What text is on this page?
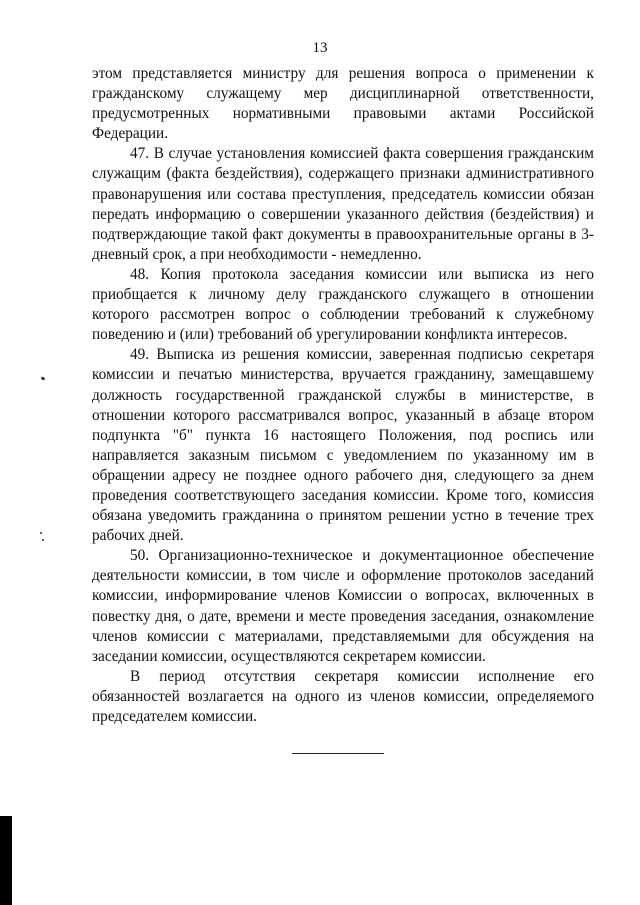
13

этом представляется министру для решения вопроса о применении к гражданскому служащему мер дисциплинарной ответственности, предусмотренных нормативными правовыми актами Российской Федерации.

47. В случае установления комиссией факта совершения гражданским служащим (факта бездействия), содержащего признаки административного правонарушения или состава преступления, председатель комиссии обязан передать информацию о совершении указанного действия (бездействия) и подтверждающие такой факт документы в правоохранительные органы в 3-дневный срок, а при необходимости - немедленно.

48. Копия протокола заседания комиссии или выписка из него приобщается к личному делу гражданского служащего в отношении которого рассмотрен вопрос о соблюдении требований к служебному поведению и (или) требований об урегулировании конфликта интересов.

49. Выписка из решения комиссии, заверенная подписью секретаря комиссии и печатью министерства, вручается гражданину, замещавшему должность государственной гражданской службы в министерстве, в отношении которого рассматривался вопрос, указанный в абзаце втором подпункта "б" пункта 16 настоящего Положения, под роспись или направляется заказным письмом с уведомлением по указанному им в обращении адресу не позднее одного рабочего дня, следующего за днем проведения соответствующего заседания комиссии. Кроме того, комиссия обязана уведомить гражданина о принятом решении устно в течение трех рабочих дней.

50. Организационно-техническое и документационное обеспечение деятельности комиссии, в том числе и оформление протоколов заседаний комиссии, информирование членов Комиссии о вопросах, включенных в повестку дня, о дате, времени и месте проведения заседания, ознакомление членов комиссии с материалами, представляемыми для обсуждения на заседании комиссии, осуществляются секретарем комиссии.

В период отсутствия секретаря комиссии исполнение его обязанностей возлагается на одного из членов комиссии, определяемого председателем комиссии.
